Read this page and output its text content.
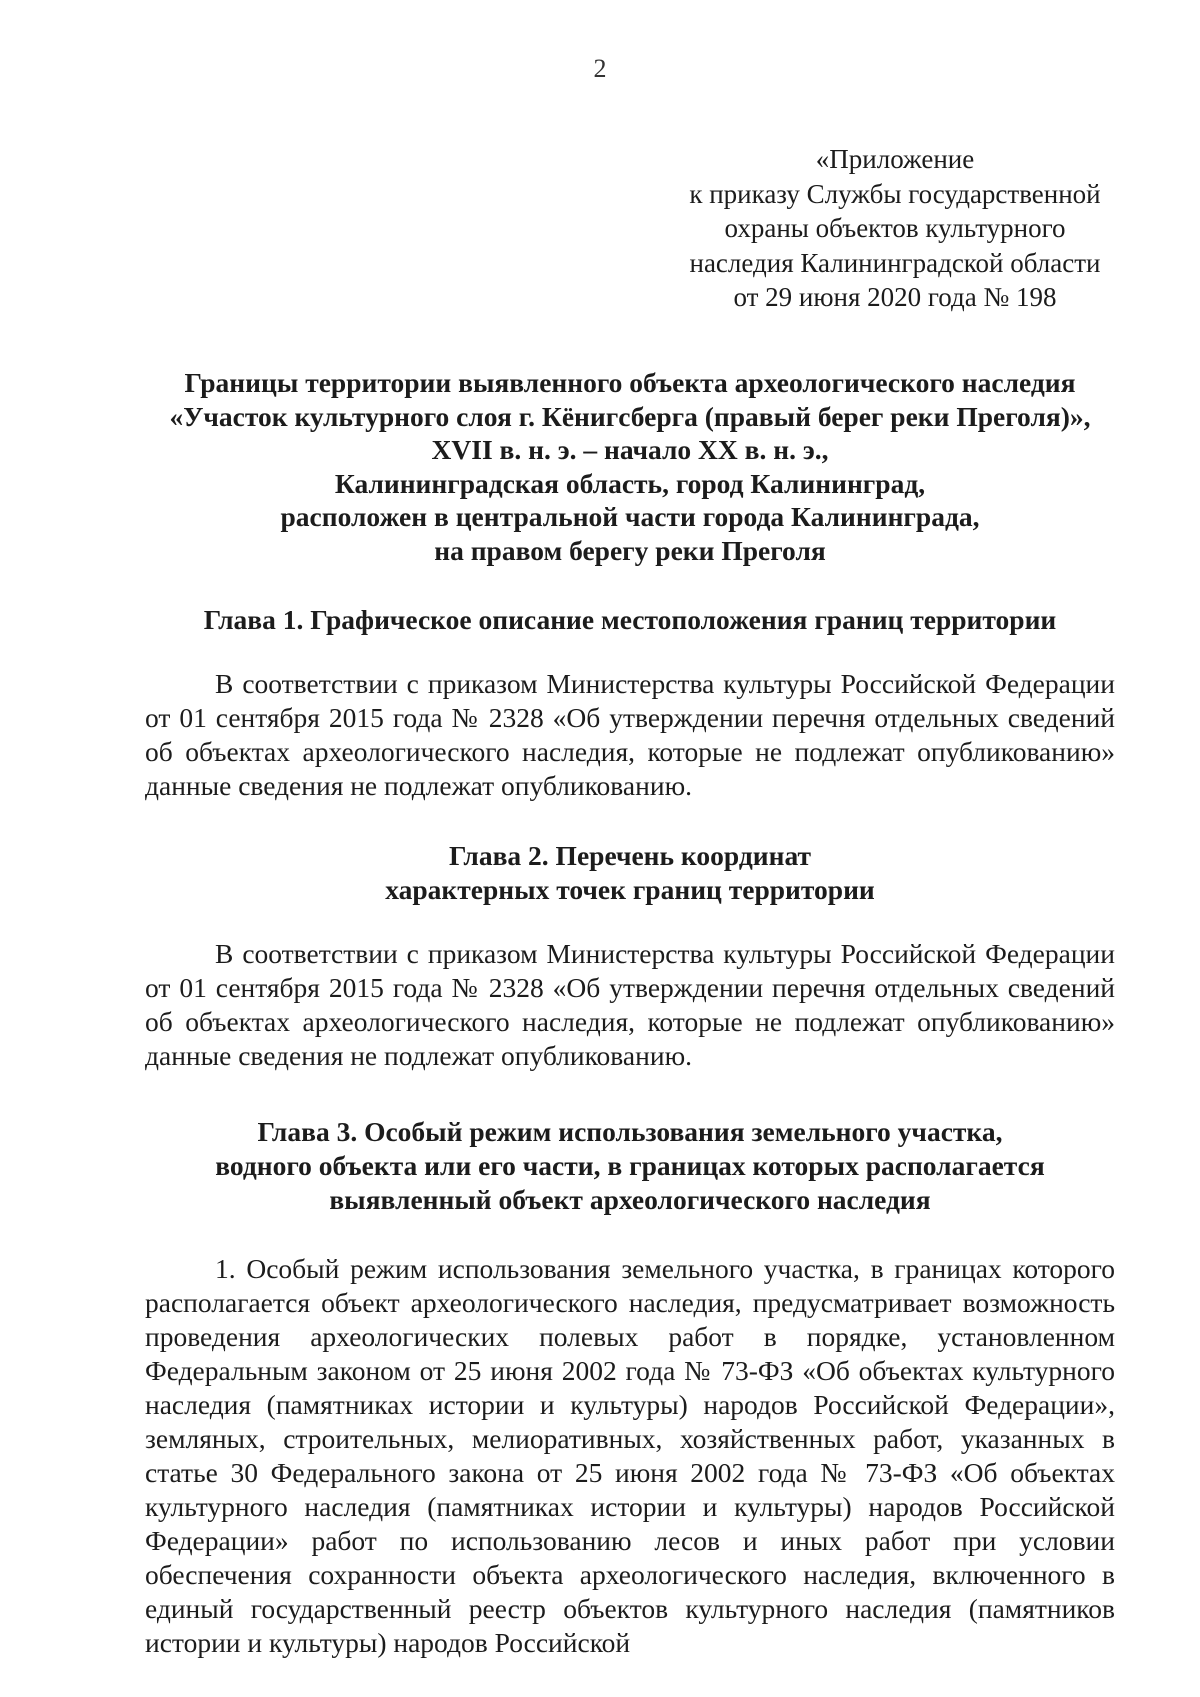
2
«Приложение
к приказу Службы государственной
охраны объектов культурного
наследия Калининградской области
от 29 июня 2020 года № 198
Границы территории выявленного объекта археологического наследия
«Участок культурного слоя г. Кёнигсберга (правый берег реки Преголя)»,
XVII в. н. э. – начало XX в. н. э.,
Калининградская область, город Калининград,
расположен в центральной части города Калининграда,
на правом берегу реки Преголя
Глава 1. Графическое описание местоположения границ территории

В соответствии с приказом Министерства культуры Российской Федерации от 01 сентября 2015 года № 2328 «Об утверждении перечня отдельных сведений об объектах археологического наследия, которые не подлежат опубликованию» данные сведения не подлежат опубликованию.

Глава 2. Перечень координат
характерных точек границ территории

В соответствии с приказом Министерства культуры Российской Федерации от 01 сентября 2015 года № 2328 «Об утверждении перечня отдельных сведений об объектах археологического наследия, которые не подлежат опубликованию» данные сведения не подлежат опубликованию.

Глава 3. Особый режим использования земельного участка,
водного объекта или его части, в границах которых располагается
выявленный объект археологического наследия

1. Особый режим использования земельного участка, в границах которого располагается объект археологического наследия, предусматривает возможность проведения археологических полевых работ в порядке, установленном Федеральным законом от 25 июня 2002 года № 73-ФЗ «Об объектах культурного наследия (памятниках истории и культуры) народов Российской Федерации», земляных, строительных, мелиоративных, хозяйственных работ, указанных в статье 30 Федерального закона от 25 июня 2002 года № 73-ФЗ «Об объектах культурного наследия (памятниках истории и культуры) народов Российской Федерации» работ по использованию лесов и иных работ при условии обеспечения сохранности объекта археологического наследия, включенного в единый государственный реестр объектов культурного наследия (памятников истории и культуры) народов Российской
